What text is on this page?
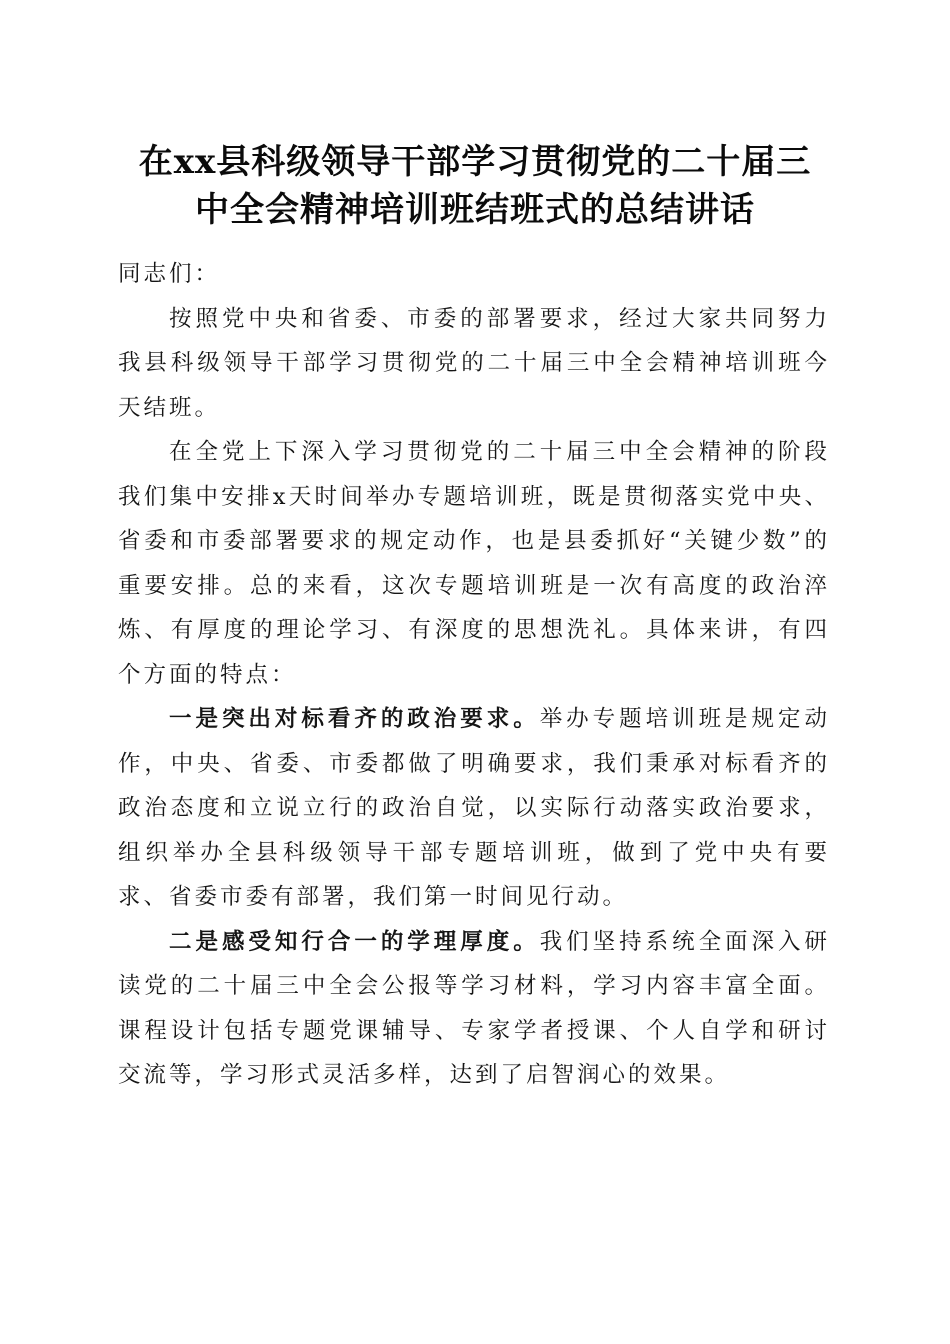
在xx县科级领导干部学习贯彻党的二十届三
中全会精神培训班结班式的总结讲话

同志们：

按照党中央和省委、市委的部署要求，经过大家共同努力我县科级领导干部学习贯彻党的二十届三中全会精神培训班今天结班。

在全党上下深入学习贯彻党的二十届三中全会精神的阶段我们集中安排x天时间举办专题培训班，既是贯彻落实党中央、省委和市委部署要求的规定动作，也是县委抓好“关键少数”的重要安排。总的来看，这次专题培训班是一次有高度的政治淬炼、有厚度的理论学习、有深度的思想洗礼。具体来讲，有四个方面的特点：

一是突出对标看齐的政治要求。举办专题培训班是规定动作，中央、省委、市委都做了明确要求，我们秉承对标看齐的政治态度和立说立行的政治自觉，以实际行动落实政治要求，组织举办全县科级领导干部专题培训班，做到了党中央有要求、省委市委有部署，我们第一时间见行动。

二是感受知行合一的学理厚度。我们坚持系统全面深入研读党的二十届三中全会公报等学习材料，学习内容丰富全面。课程设计包括专题党课辅导、专家学者授课、个人自学和研讨交流等，学习形式灵活多样，达到了启智润心的效果。
